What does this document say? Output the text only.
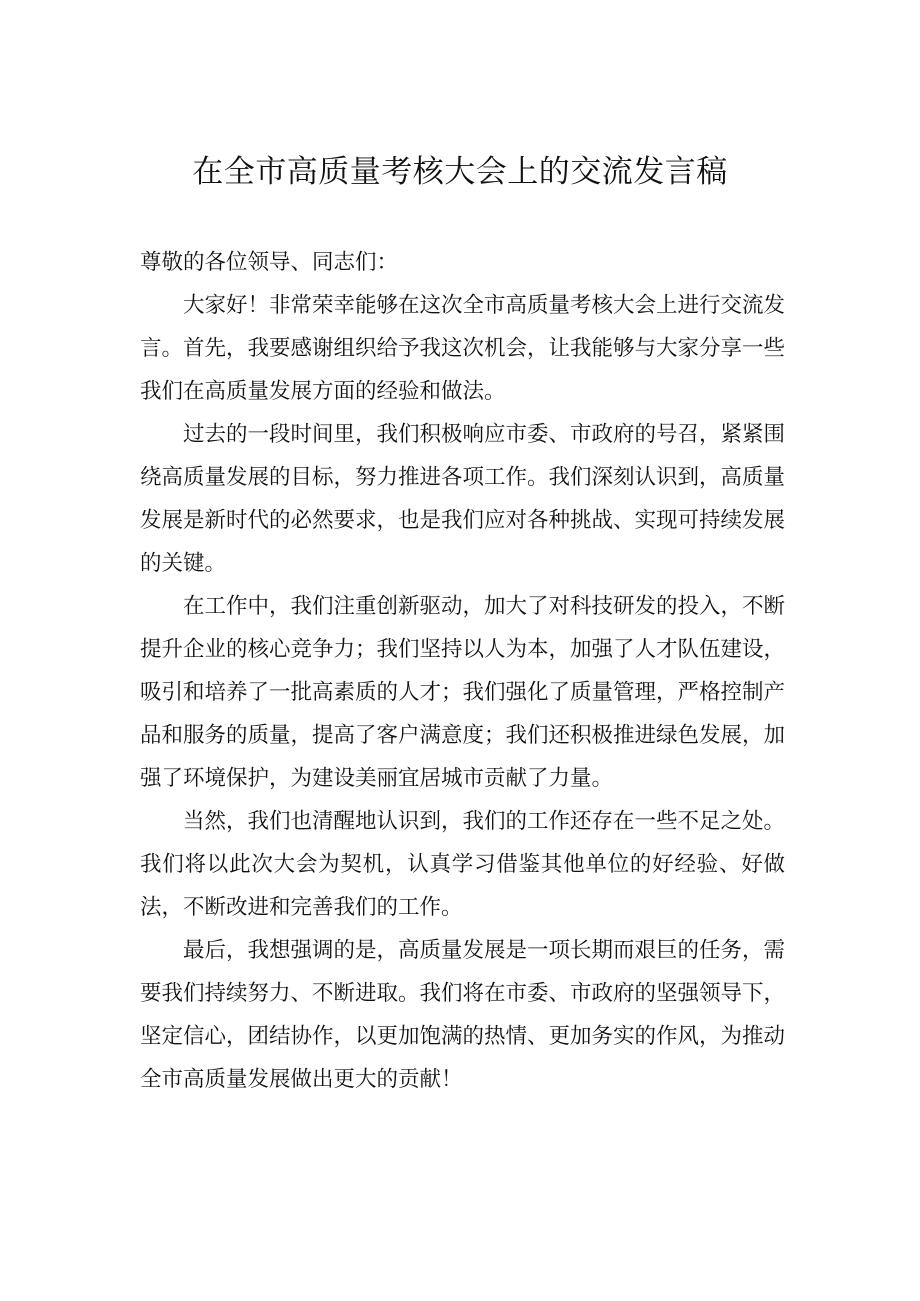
在全市高质量考核大会上的交流发言稿

尊敬的各位领导、同志们：

大家好！非常荣幸能够在这次全市高质量考核大会上进行交流发言。首先，我要感谢组织给予我这次机会，让我能够与大家分享一些我们在高质量发展方面的经验和做法。

过去的一段时间里，我们积极响应市委、市政府的号召，紧紧围绕高质量发展的目标，努力推进各项工作。我们深刻认识到，高质量发展是新时代的必然要求，也是我们应对各种挑战、实现可持续发展的关键。

在工作中，我们注重创新驱动，加大了对科技研发的投入，不断提升企业的核心竞争力；我们坚持以人为本，加强了人才队伍建设，吸引和培养了一批高素质的人才；我们强化了质量管理，严格控制产品和服务的质量，提高了客户满意度；我们还积极推进绿色发展，加强了环境保护，为建设美丽宜居城市贡献了力量。

当然，我们也清醒地认识到，我们的工作还存在一些不足之处。我们将以此次大会为契机，认真学习借鉴其他单位的好经验、好做法，不断改进和完善我们的工作。

最后，我想强调的是，高质量发展是一项长期而艰巨的任务，需要我们持续努力、不断进取。我们将在市委、市政府的坚强领导下，坚定信心，团结协作，以更加饱满的热情、更加务实的作风，为推动全市高质量发展做出更大的贡献！
